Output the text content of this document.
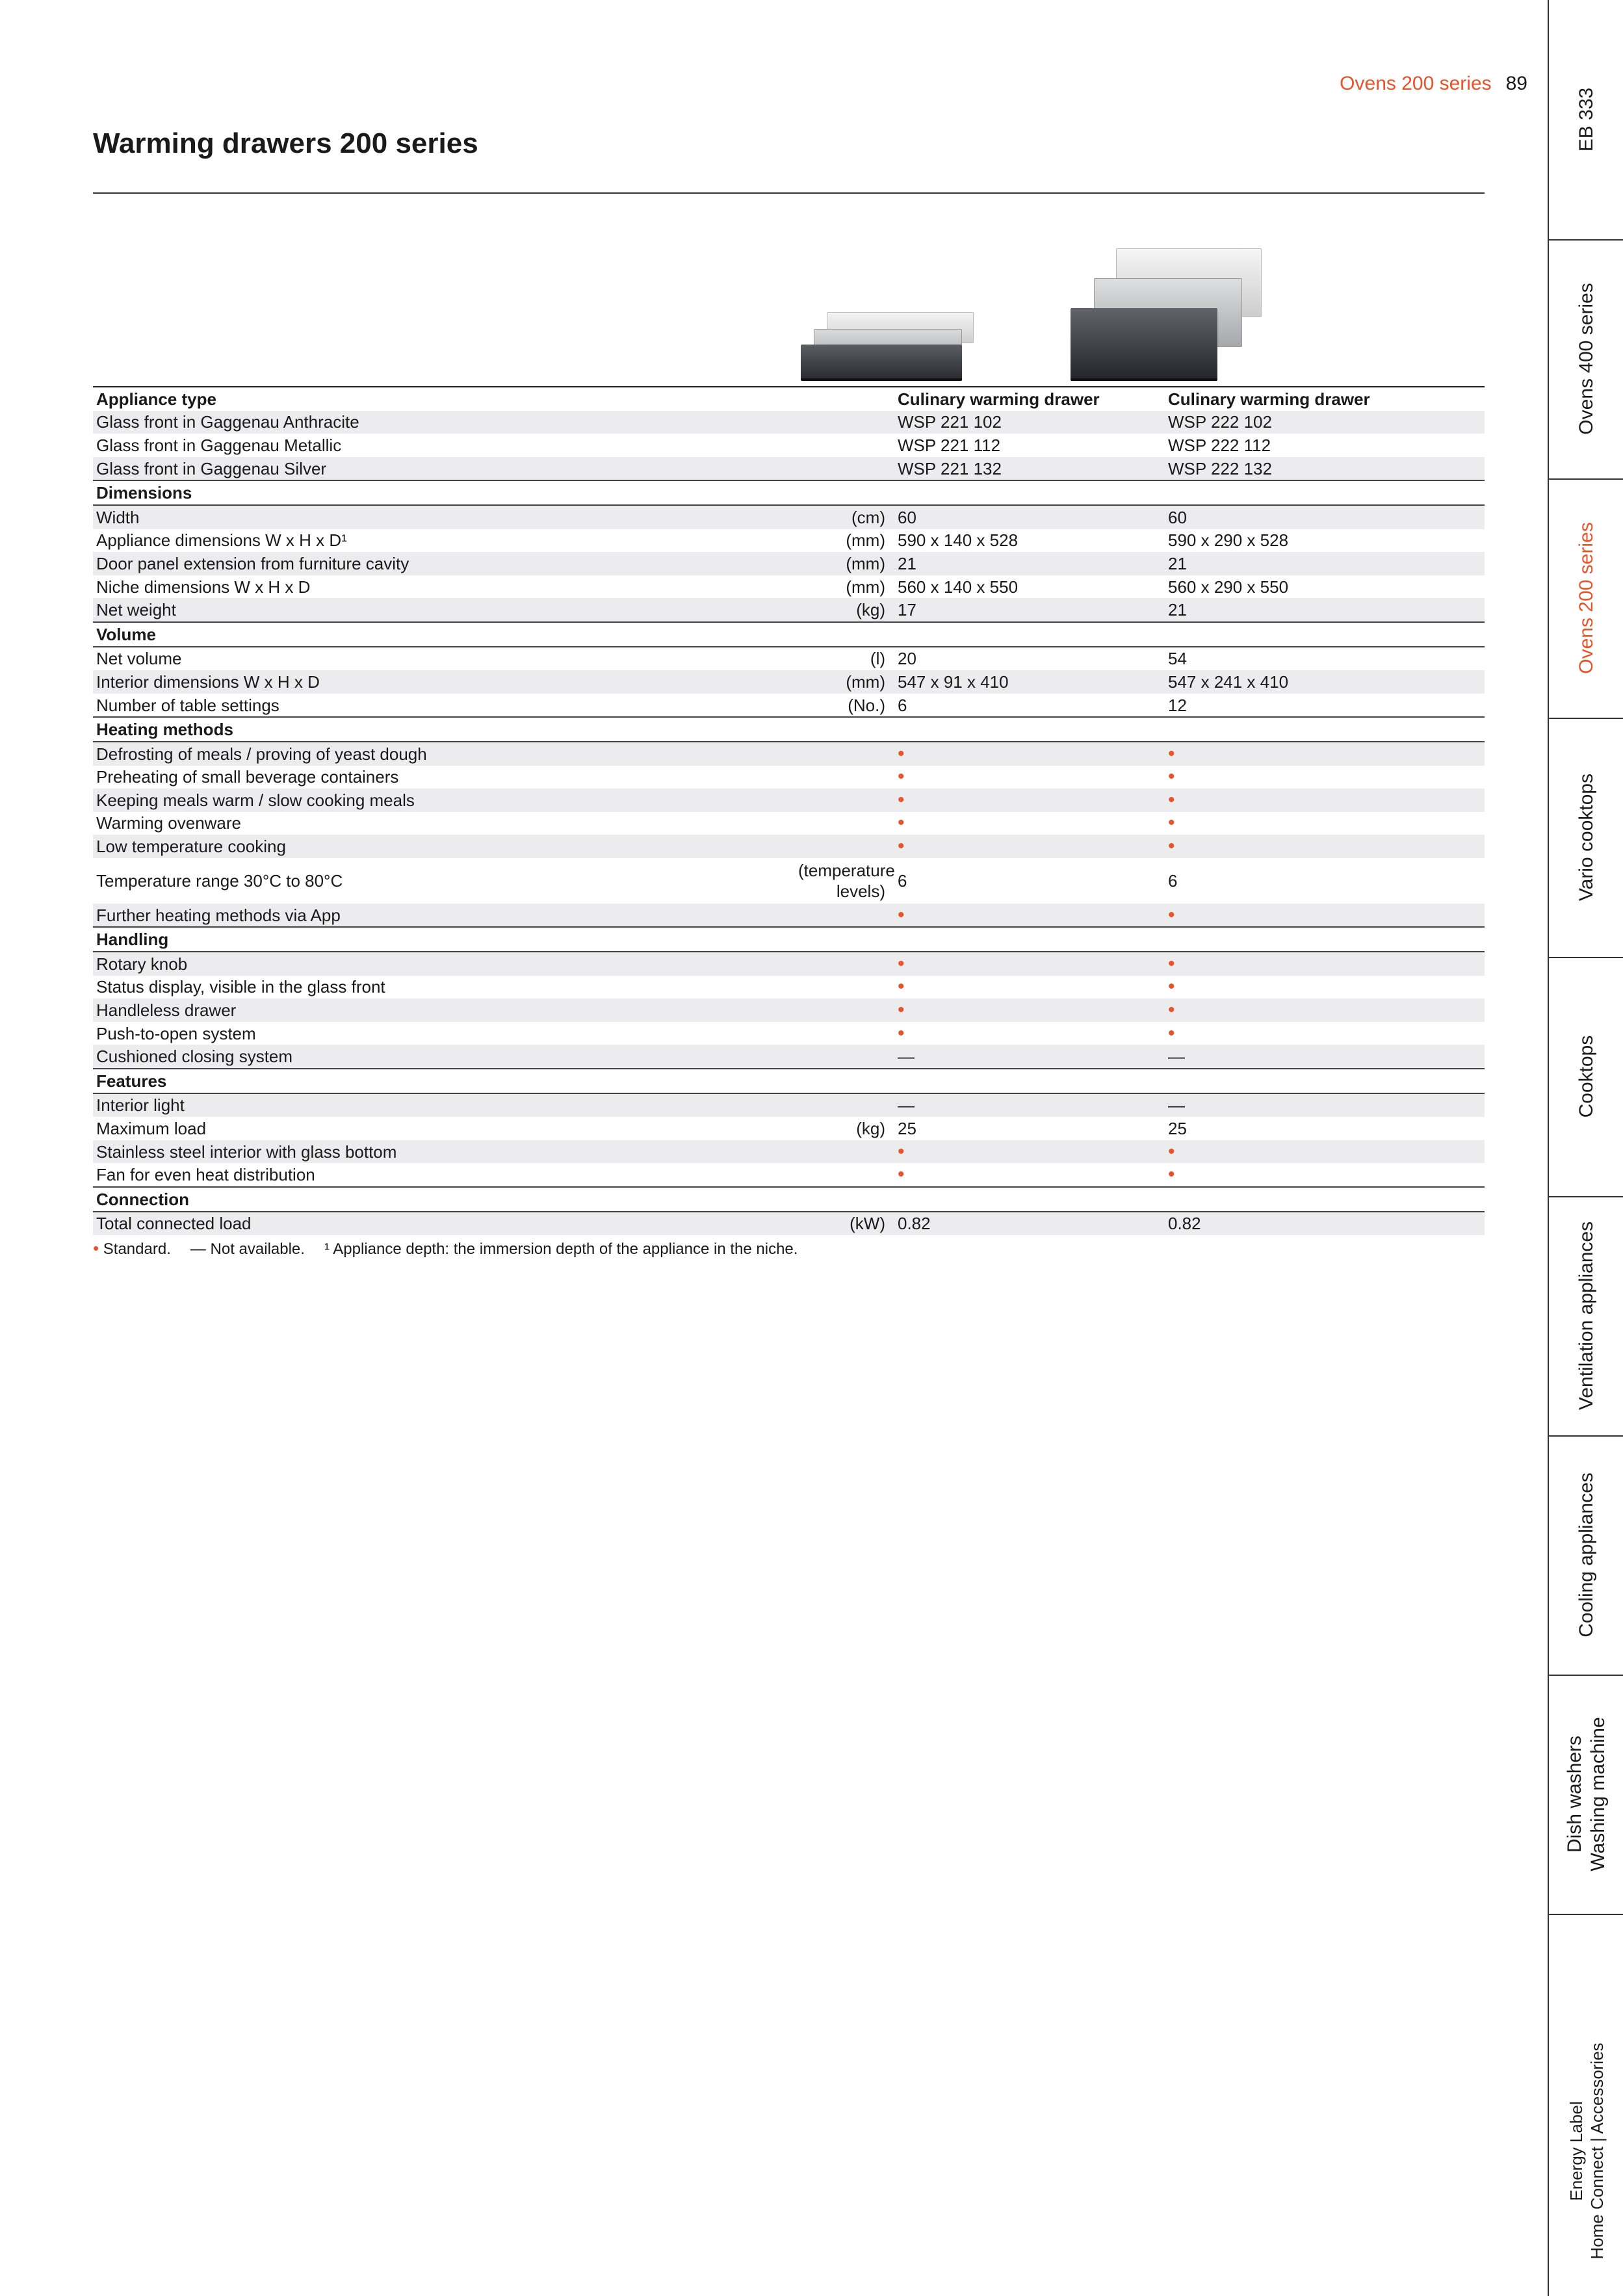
Ovens 200 series 89
Warming drawers 200 series
Appliance type		Culinary warming drawer	Culinary warming drawer
Glass front in Gaggenau Anthracite		WSP 221 102	WSP 222 102
Glass front in Gaggenau Metallic		WSP 221 112	WSP 222 112
Glass front in Gaggenau Silver		WSP 221 132	WSP 222 132
Dimensions			
Width	(cm)	60	60
Appliance dimensions W x H x D¹	(mm)	590 x 140 x 528	590 x 290 x 528
Door panel extension from furniture cavity	(mm)	21	21
Niche dimensions W x H x D	(mm)	560 x 140 x 550	560 x 290 x 550
Net weight	(kg)	17	21
Volume			
Net volume	(l)	20	54
Interior dimensions W x H x D	(mm)	547 x 91 x 410	547 x 241 x 410
Number of table settings	(No.)	6	12
Heating methods			
Defrosting of meals / proving of yeast dough		•	•
Preheating of small beverage containers		•	•
Keeping meals warm / slow cooking meals		•	•
Warming ovenware		•	•
Low temperature cooking		•	•
Temperature range 30°C to 80°C	(temperature levels)	6	6
Further heating methods via App		•	•
Handling			
Rotary knob		•	•
Status display, visible in the glass front		•	•
Handleless drawer		•	•
Push-to-open system		•	•
Cushioned closing system		—	—
Features			
Interior light		—	—
Maximum load	(kg)	25	25
Stainless steel interior with glass bottom		•	•
Fan for even heat distribution		•	•
Connection			
Total connected load	(kW)	0.82	0.82
• Standard. — Not available. ¹ Appliance depth: the immersion depth of the appliance in the niche.
EB 333
Ovens 400 series
Ovens 200 series
Vario cooktops
Cooktops
Ventilation appliances
Cooling appliances
Dish washers Washing machine
Energy Label Home Connect | Accessories
